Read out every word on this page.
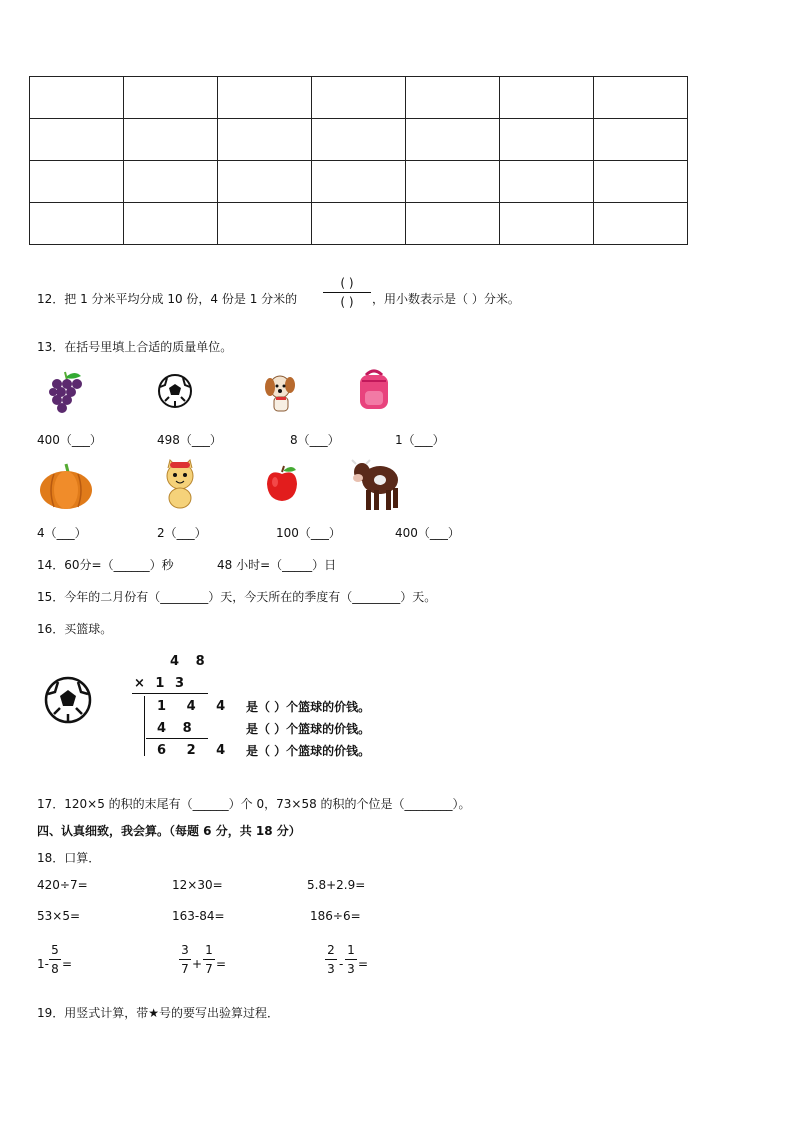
12．把 1 分米平均分成 10 份，4 份是 1 分米的
( )
( )	，用小数表示是（ ）分米。
13．在括号里填上合适的质量单位。
400（___）	498（___）	8（___）	1（___）
4（___）	2（___）	100（___）	400（___）
14．60分=（______）秒	48 小时=（_____）日
15．今年的二月份有（________）天，今天所在的季度有（________）天。
16．买篮球。
4 8
× 1 3
1 4 4
4 8
6 2 4
是（ ）个篮球的价钱。
是（ ）个篮球的价钱。
是（ ）个篮球的价钱。
17．120×5 的积的末尾有（______）个 0，73×58 的积的个位是（________）。
四、认真细致，我会算。（每题 6 分，共 18 分）
18．口算．
420÷7=	12×30=	5.8+2.9=
53×5=	163-84=	186÷6=
1-
5
8 =
3
7 +
1
7 =
2
3 -
1
3 =
19．用竖式计算，带★号的要写出验算过程．
